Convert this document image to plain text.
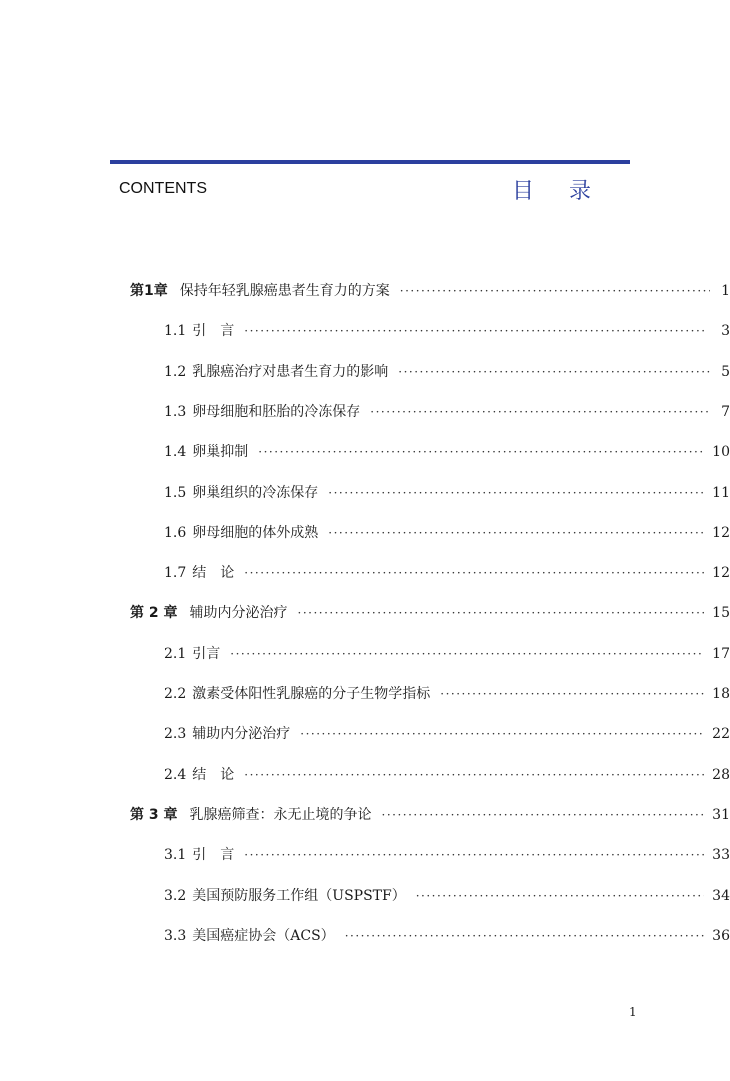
CONTENTS	目 录
第1章 保持年轻乳腺癌患者生育力的方案 ·····	1
1.1 引　言 ·····	3
1.2 乳腺癌治疗对患者生育力的影响 ·····	5
1.3 卵母细胞和胚胎的冷冻保存 ·····	7
1.4 卵巢抑制 ·····	10
1.5 卵巢组织的冷冻保存 ·····	11
1.6 卵母细胞的体外成熟 ·····	12
1.7 结　论 ·····	12
第 2 章 辅助内分泌治疗 ·····	15
2.1 引言 ·····	17
2.2 激素受体阳性乳腺癌的分子生物学指标 ·····	18
2.3 辅助内分泌治疗 ·····	22
2.4 结　论 ·····	28
第 3 章 乳腺癌筛查：永无止境的争论 ·····	31
3.1 引　言 ·····	33
3.2 美国预防服务工作组（USPSTF） ·····	34
3.3 美国癌症协会（ACS） ·····	36
1
